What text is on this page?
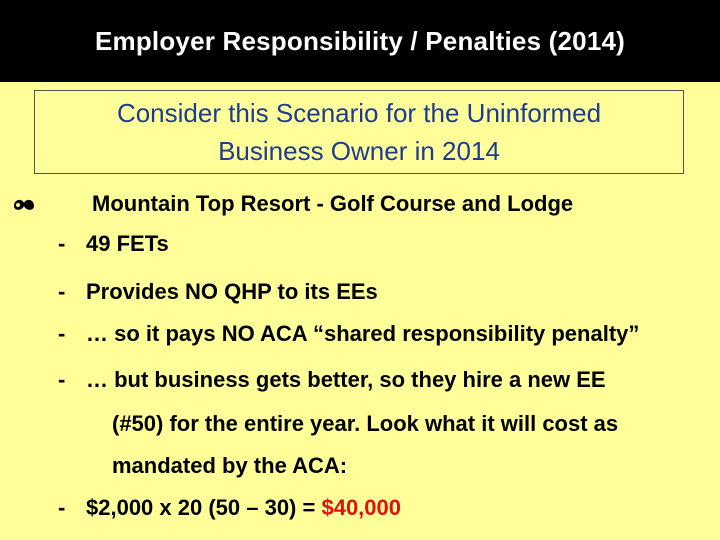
Employer Responsibility / Penalties (2014)
Consider this Scenario for the Uninformed
Business Owner in 2014
Mountain Top Resort - Golf Course and Lodge
- 49 FETs
- Provides NO QHP to its EEs
- … so it pays NO ACA “shared responsibility penalty”
- … but business gets better, so they hire a new EE
(#50) for the entire year. Look what it will cost as
mandated by the ACA:
- $2,000 x 20 (50 – 30) = $40,000
